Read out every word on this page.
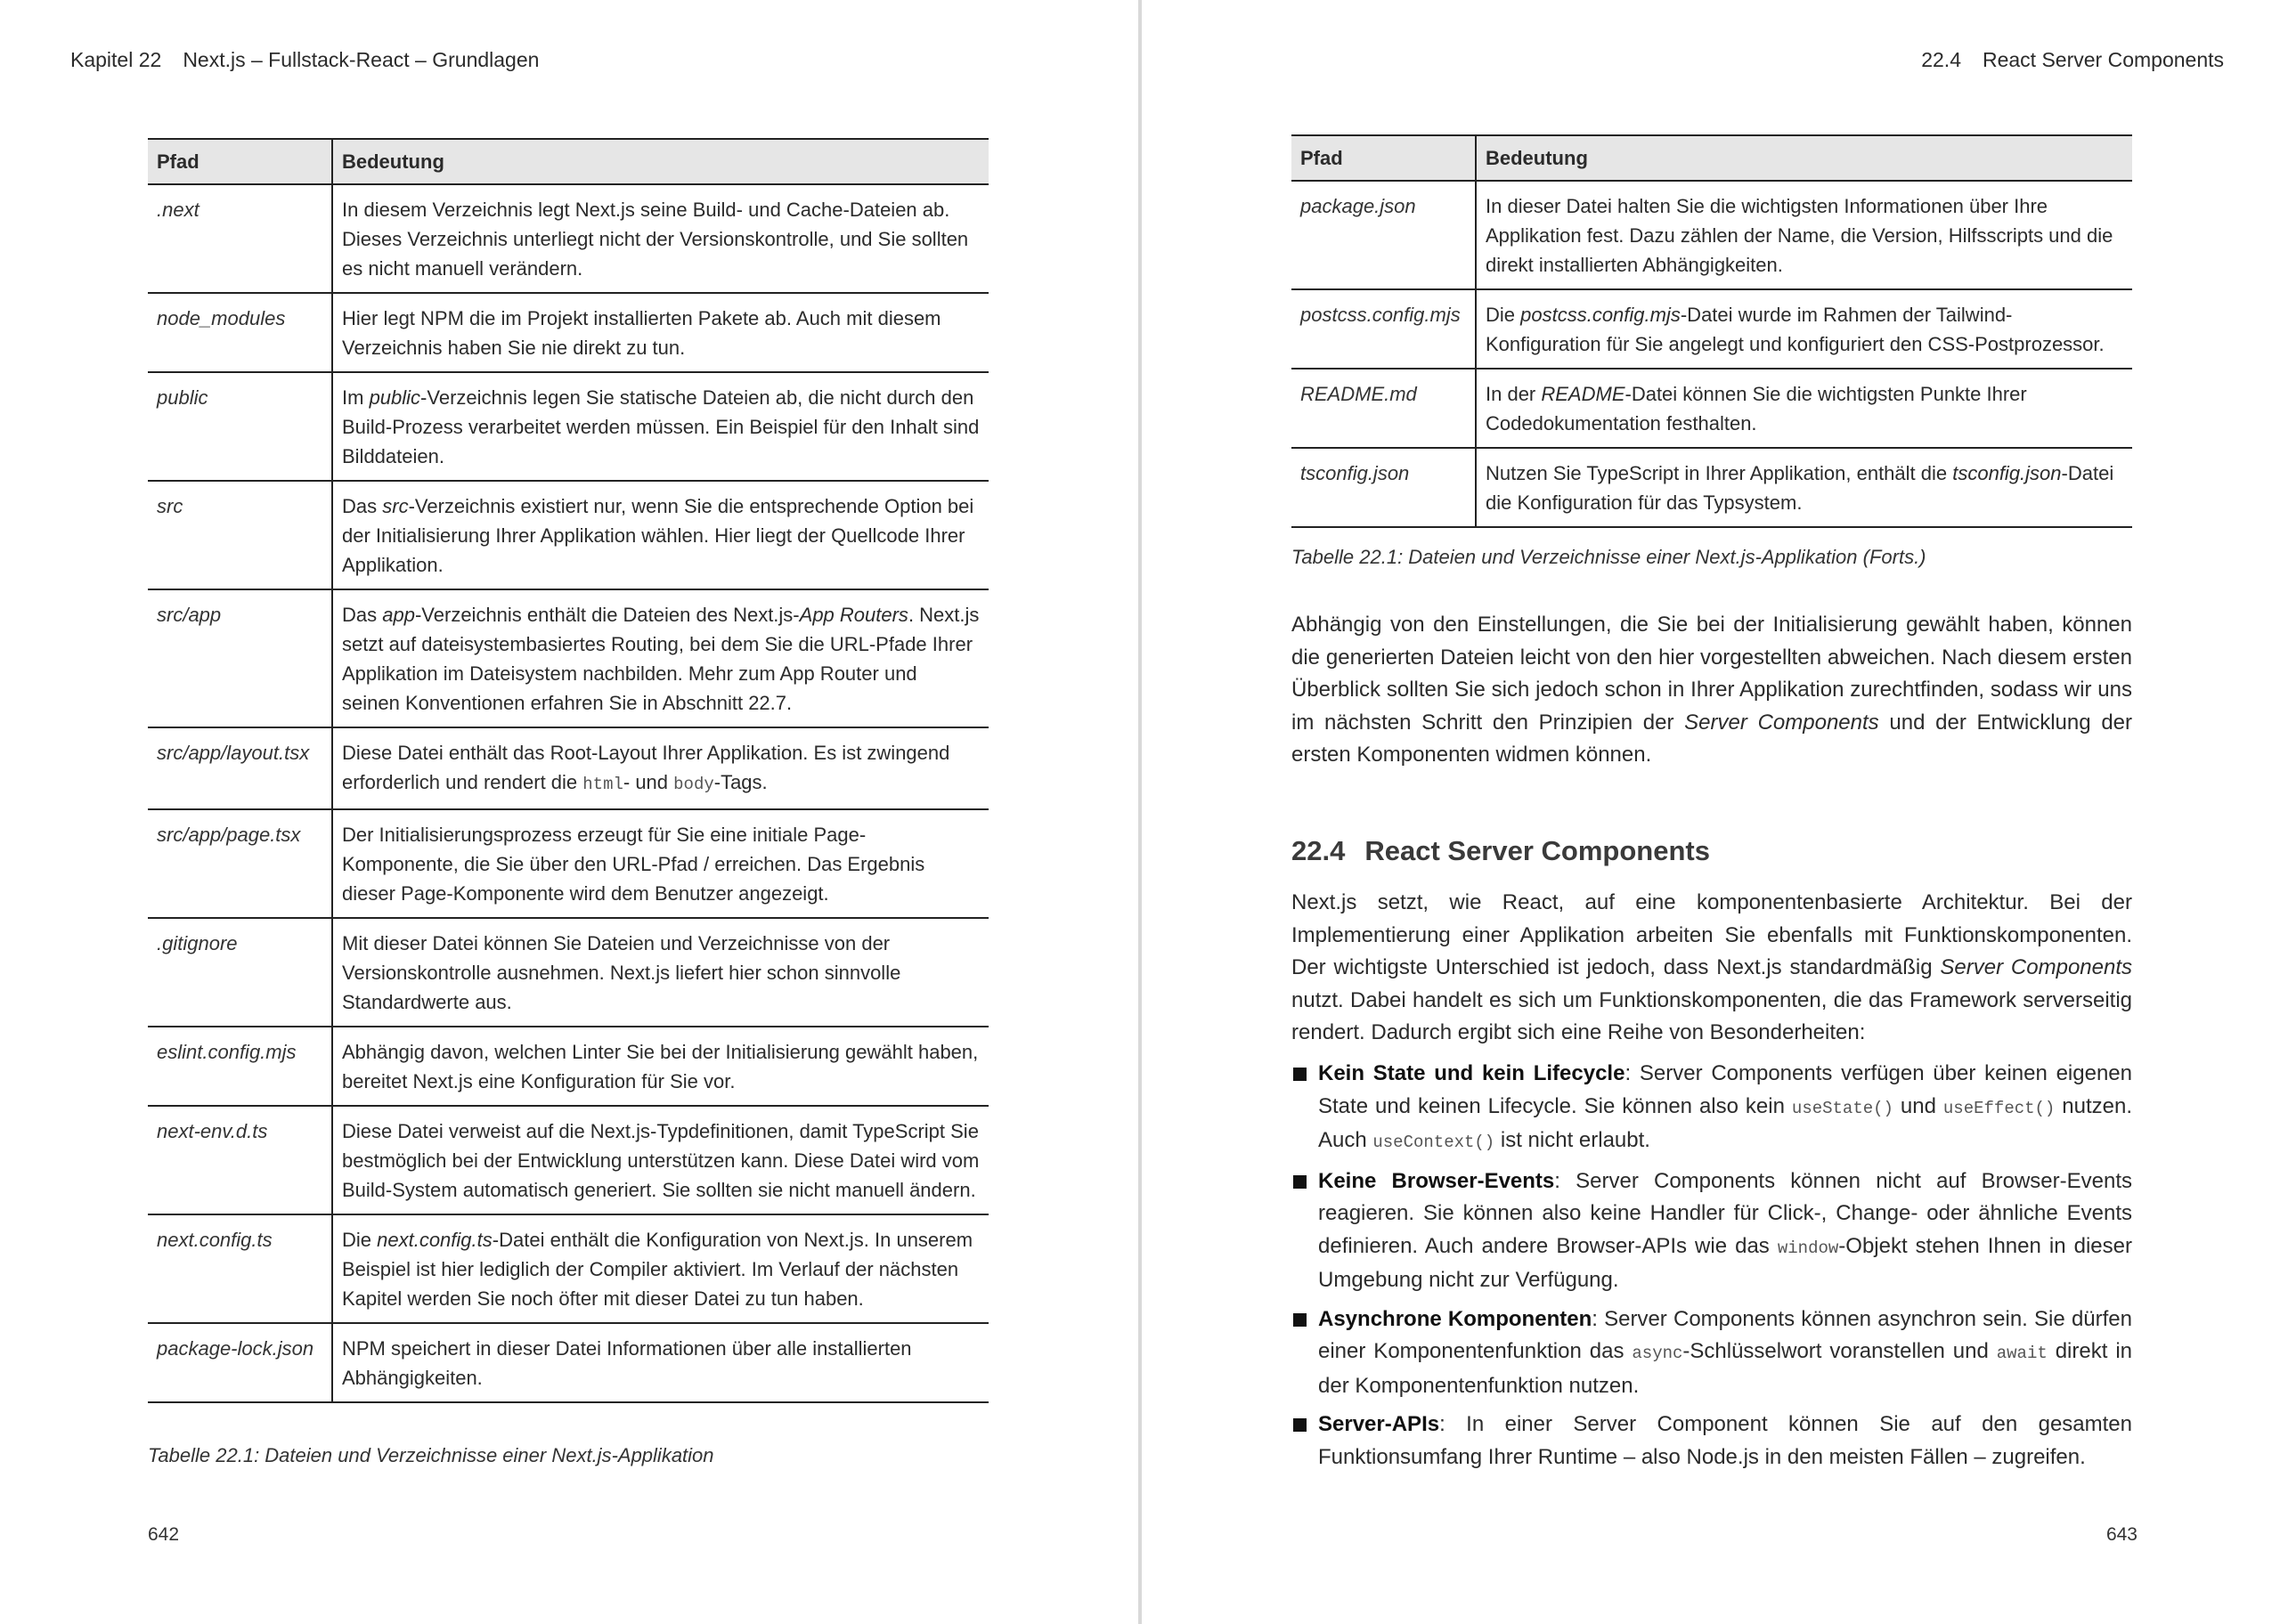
Kapitel 22 Next.js – Fullstack-React – Grundlagen
Pfad	Bedeutung
.next	In diesem Verzeichnis legt Next.js seine Build- und Cache-Dateien ab. Dieses Verzeichnis unterliegt nicht der Versionskontrolle, und Sie sollten es nicht manuell verändern.
node_modules	Hier legt NPM die im Projekt installierten Pakete ab. Auch mit diesem Verzeichnis haben Sie nie direkt zu tun.
public	Im public-Verzeichnis legen Sie statische Dateien ab, die nicht durch den Build-Prozess verarbeitet werden müssen. Ein Beispiel für den Inhalt sind Bilddateien.
src	Das src-Verzeichnis existiert nur, wenn Sie die entsprechende Option bei der Initialisierung Ihrer Applikation wählen. Hier liegt der Quellcode Ihrer Applikation.
src/app	Das app-Verzeichnis enthält die Dateien des Next.js-App Routers. Next.js setzt auf dateisystembasiertes Routing, bei dem Sie die URL-Pfade Ihrer Applikation im Dateisystem nachbilden. Mehr zum App Router und seinen Konventionen erfahren Sie in Abschnitt 22.7.
src/app/layout.tsx	Diese Datei enthält das Root-Layout Ihrer Applikation. Es ist zwingend erforderlich und rendert die html- und body-Tags.
src/app/page.tsx	Der Initialisierungsprozess erzeugt für Sie eine initiale Page-Komponente, die Sie über den URL-Pfad / erreichen. Das Ergebnis dieser Page-Komponente wird dem Benutzer angezeigt.
.gitignore	Mit dieser Datei können Sie Dateien und Verzeichnisse von der Versionskontrolle ausnehmen. Next.js liefert hier schon sinnvolle Standardwerte aus.
eslint.config.mjs	Abhängig davon, welchen Linter Sie bei der Initialisierung gewählt haben, bereitet Next.js eine Konfiguration für Sie vor.
next-env.d.ts	Diese Datei verweist auf die Next.js-Typdefinitionen, damit TypeScript Sie bestmöglich bei der Entwicklung unterstützen kann. Diese Datei wird vom Build-System automatisch generiert. Sie sollten sie nicht manuell ändern.
next.config.ts	Die next.config.ts-Datei enthält die Konfiguration von Next.js. In unserem Beispiel ist hier lediglich der Compiler aktiviert. Im Verlauf der nächsten Kapitel werden Sie noch öfter mit dieser Datei zu tun haben.
package-lock.json	NPM speichert in dieser Datei Informationen über alle installierten Abhängigkeiten.
Tabelle 22.1: Dateien und Verzeichnisse einer Next.js-Applikation
642
22.4 React Server Components
Pfad	Bedeutung
package.json	In dieser Datei halten Sie die wichtigsten Informationen über Ihre Applikation fest. Dazu zählen der Name, die Version, Hilfsscripts und die direkt installierten Abhängigkeiten.
postcss.config.mjs	Die postcss.config.mjs-Datei wurde im Rahmen der Tailwind-Konfiguration für Sie angelegt und konfiguriert den CSS-Postprozessor.
README.md	In der README-Datei können Sie die wichtigsten Punkte Ihrer Codedokumentation festhalten.
tsconfig.json	Nutzen Sie TypeScript in Ihrer Applikation, enthält die tsconfig.json-Datei die Konfiguration für das Typsystem.
Tabelle 22.1: Dateien und Verzeichnisse einer Next.js-Applikation (Forts.)
Abhängig von den Einstellungen, die Sie bei der Initialisierung gewählt haben, können die generierten Dateien leicht von den hier vorgestellten abweichen. Nach diesem ersten Überblick sollten Sie sich jedoch schon in Ihrer Applikation zurechtfinden, sodass wir uns im nächsten Schritt den Prinzipien der Server Components und der Entwicklung der ersten Komponenten widmen können.
22.4 React Server Components
Next.js setzt, wie React, auf eine komponentenbasierte Architektur. Bei der Implementierung einer Applikation arbeiten Sie ebenfalls mit Funktionskomponenten. Der wichtigste Unterschied ist jedoch, dass Next.js standardmäßig Server Components nutzt. Dabei handelt es sich um Funktionskomponenten, die das Framework serverseitig rendert. Dadurch ergibt sich eine Reihe von Besonderheiten:
Kein State und kein Lifecycle: Server Components verfügen über keinen eigenen State und keinen Lifecycle. Sie können also kein useState() und useEffect() nutzen. Auch useContext() ist nicht erlaubt.
Keine Browser-Events: Server Components können nicht auf Browser-Events reagieren. Sie können also keine Handler für Click-, Change- oder ähnliche Events definieren. Auch andere Browser-APIs wie das window-Objekt stehen Ihnen in dieser Umgebung nicht zur Verfügung.
Asynchrone Komponenten: Server Components können asynchron sein. Sie dürfen einer Komponentenfunktion das async-Schlüsselwort voranstellen und await direkt in der Komponentenfunktion nutzen.
Server-APIs: In einer Server Component können Sie auf den gesamten Funktionsumfang Ihrer Runtime – also Node.js in den meisten Fällen – zugreifen.
643
